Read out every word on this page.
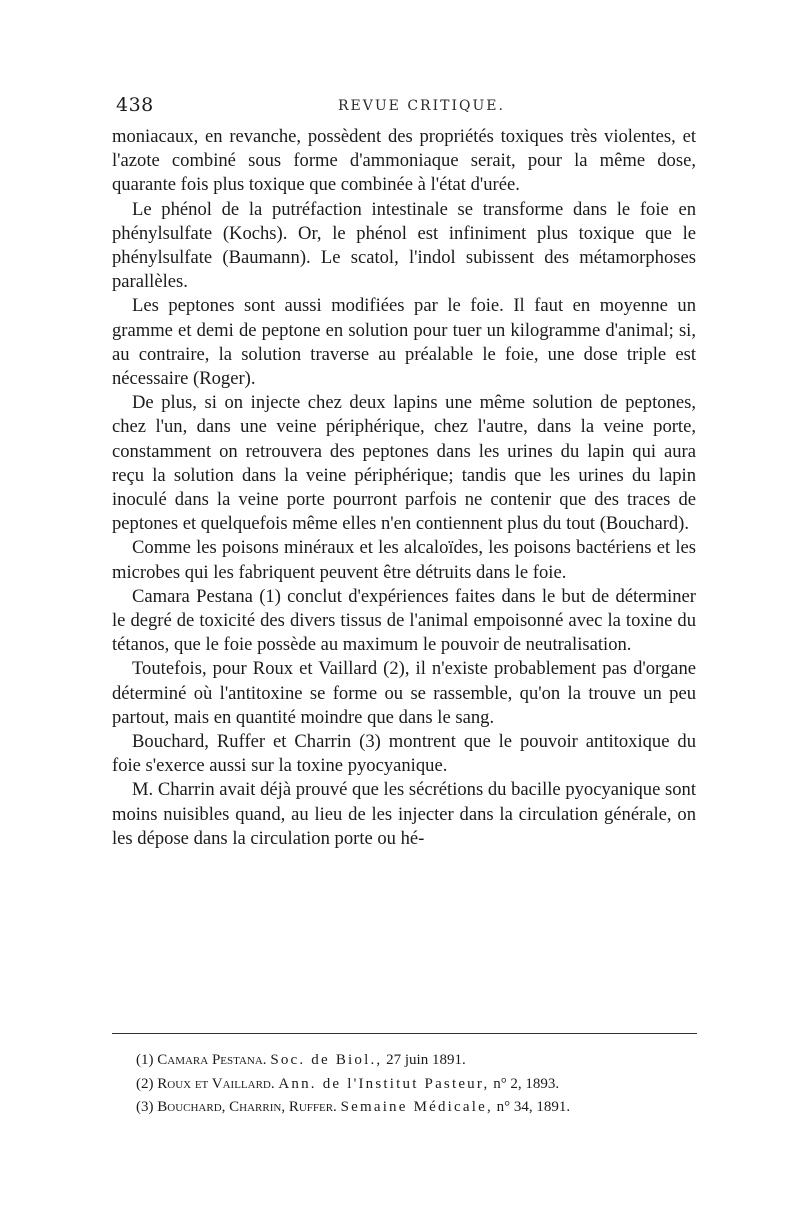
438	REVUE CRITIQUE.

moniacaux, en revanche, possèdent des propriétés toxiques très violentes, et l'azote combiné sous forme d'ammoniaque serait, pour la même dose, quarante fois plus toxique que combinée à l'état d'urée.

Le phénol de la putréfaction intestinale se transforme dans le foie en phénylsulfate (Kochs). Or, le phénol est infiniment plus toxique que le phénylsulfate (Baumann). Le scatol, l'indol subissent des métamorphoses parallèles.

Les peptones sont aussi modifiées par le foie. Il faut en moyenne un gramme et demi de peptone en solution pour tuer un kilogramme d'animal; si, au contraire, la solution traverse au préalable le foie, une dose triple est nécessaire (Roger).

De plus, si on injecte chez deux lapins une même solution de peptones, chez l'un, dans une veine périphérique, chez l'autre, dans la veine porte, constamment on retrouvera des peptones dans les urines du lapin qui aura reçu la solution dans la veine périphérique; tandis que les urines du lapin inoculé dans la veine porte pourront parfois ne contenir que des traces de peptones et quelquefois même elles n'en contiennent plus du tout (Bouchard).

Comme les poisons minéraux et les alcaloïdes, les poisons bactériens et les microbes qui les fabriquent peuvent être détruits dans le foie.

Camara Pestana (1) conclut d'expériences faites dans le but de déterminer le degré de toxicité des divers tissus de l'animal empoisonné avec la toxine du tétanos, que le foie possède au maximum le pouvoir de neutralisation.

Toutefois, pour Roux et Vaillard (2), il n'existe probablement pas d'organe déterminé où l'antitoxine se forme ou se rassemble, qu'on la trouve un peu partout, mais en quantité moindre que dans le sang.

Bouchard, Ruffer et Charrin (3) montrent que le pouvoir antitoxique du foie s'exerce aussi sur la toxine pyocyanique.

M. Charrin avait déjà prouvé que les sécrétions du bacille pyocyanique sont moins nuisibles quand, au lieu de les injecter dans la circulation générale, on les dépose dans la circulation porte ou hé-

(1) Camara Pestana. Soc. de Biol., 27 juin 1891.
(2) Roux et Vaillard. Ann. de l'Institut Pasteur, n° 2, 1893.
(3) Bouchard, Charrin, Ruffer. Semaine Médicale, n° 34, 1891.
